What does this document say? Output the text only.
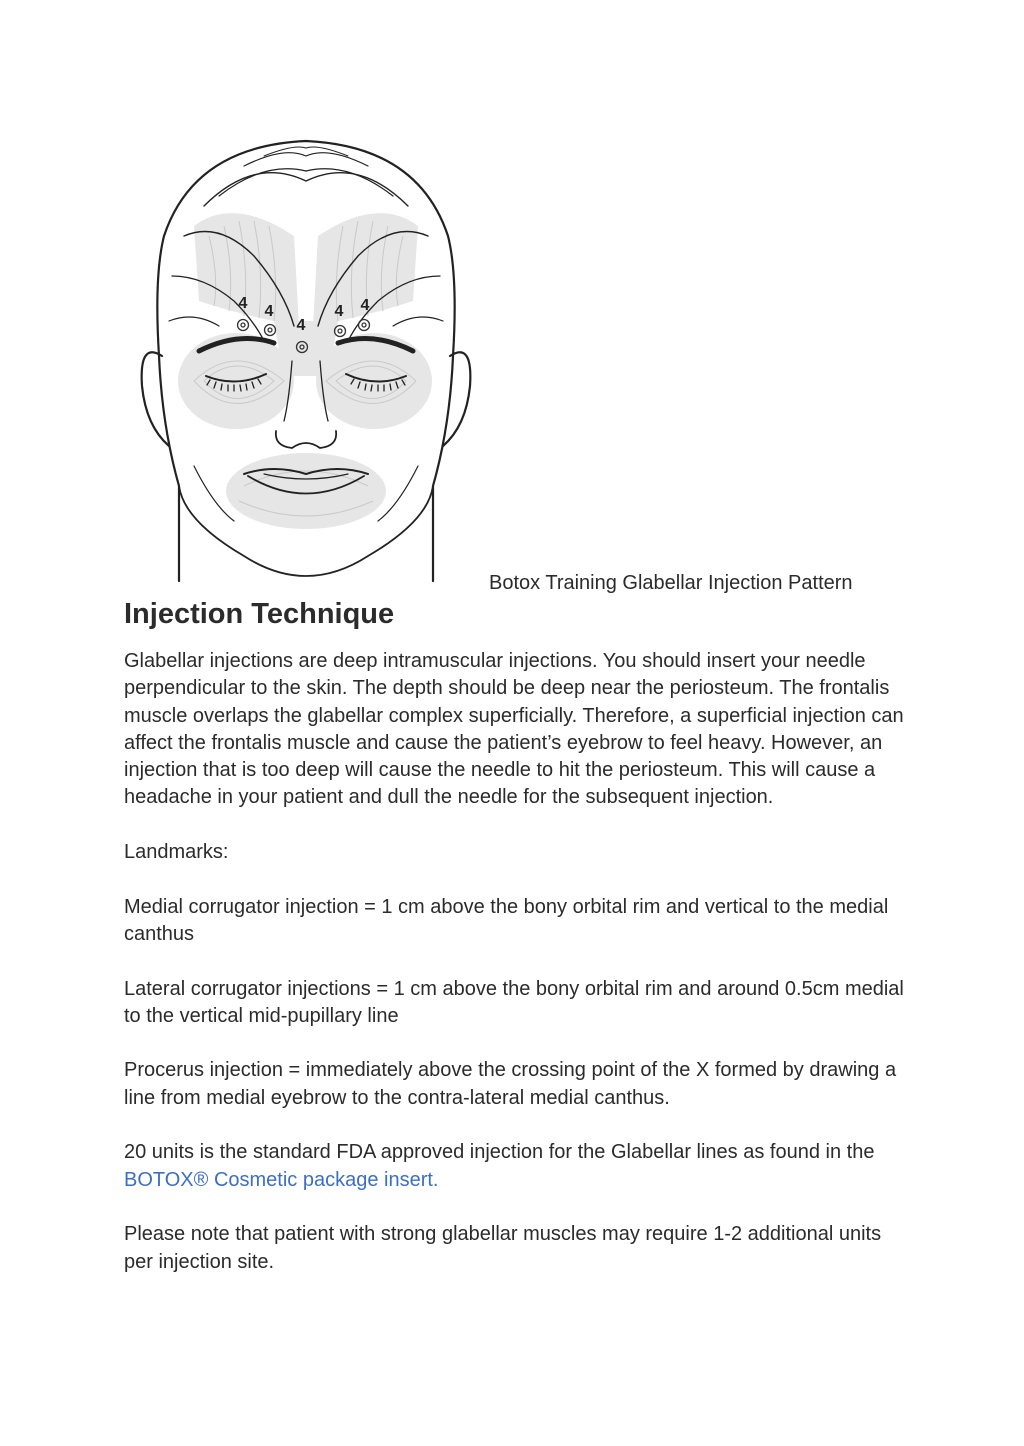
4 4
4
4 4
Botox Training Glabellar Injection Pattern
Injection Technique

Glabellar injections are deep intramuscular injections. You should insert your needle perpendicular to the skin. The depth should be deep near the periosteum. The frontalis muscle overlaps the glabellar complex superficially. Therefore, a superficial injection can affect the frontalis muscle and cause the patient’s eyebrow to feel heavy. However, an injection that is too deep will cause the needle to hit the periosteum. This will cause a headache in your patient and dull the needle for the subsequent injection.

Landmarks:

Medial corrugator injection = 1 cm above the bony orbital rim and vertical to the medial canthus

Lateral corrugator injections = 1 cm above the bony orbital rim and around 0.5cm medial to the vertical mid-pupillary line

Procerus injection = immediately above the crossing point of the X formed by drawing a line from medial eyebrow to the contra-lateral medial canthus.

20 units is the standard FDA approved injection for the Glabellar lines as found in the BOTOX® Cosmetic package insert.

Please note that patient with strong glabellar muscles may require 1-2 additional units per injection site.
